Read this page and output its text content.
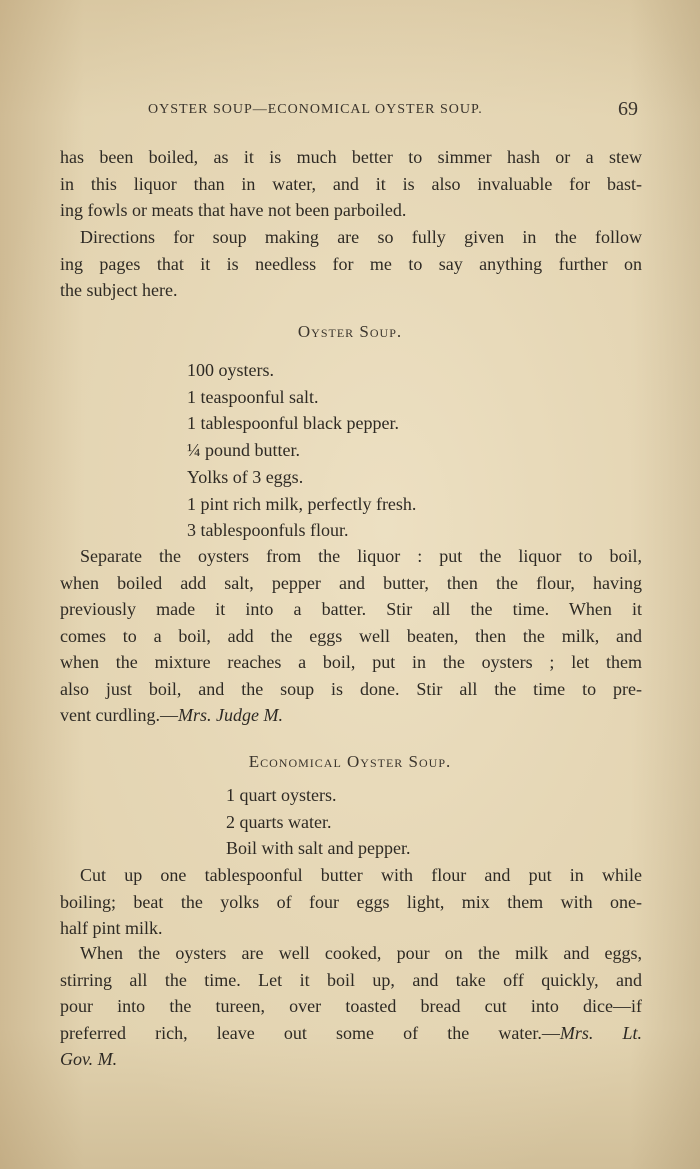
OYSTER SOUP—ECONOMICAL OYSTER SOUP.	69
has been boiled, as it is much better to simmer hash or a stew
in this liquor than in water, and it is also invaluable for bast-
ing fowls or meats that have not been parboiled.
Directions for soup making are so fully given in the follow
ing pages that it is needless for me to say anything further on
the subject here.
Oyster Soup.
100 oysters.
1 teaspoonful salt.
1 tablespoonful black pepper.
¼ pound butter.
Yolks of 3 eggs.
1 pint rich milk, perfectly fresh.
3 tablespoonfuls flour.
Separate the oysters from the liquor : put the liquor to boil,
when boiled add salt, pepper and butter, then the flour, having
previously made it into a batter. Stir all the time. When it
comes to a boil, add the eggs well beaten, then the milk, and
when the mixture reaches a boil, put in the oysters ; let them
also just boil, and the soup is done. Stir all the time to pre-
vent curdling.—Mrs. Judge M.
Economical Oyster Soup.
1 quart oysters.
2 quarts water.
Boil with salt and pepper.
Cut up one tablespoonful butter with flour and put in while
boiling; beat the yolks of four eggs light, mix them with one-
half pint milk.
When the oysters are well cooked, pour on the milk and eggs,
stirring all the time. Let it boil up, and take off quickly, and
pour into the tureen, over toasted bread cut into dice—if
preferred rich, leave out some of the water.—Mrs. Lt.
Gov. M.
